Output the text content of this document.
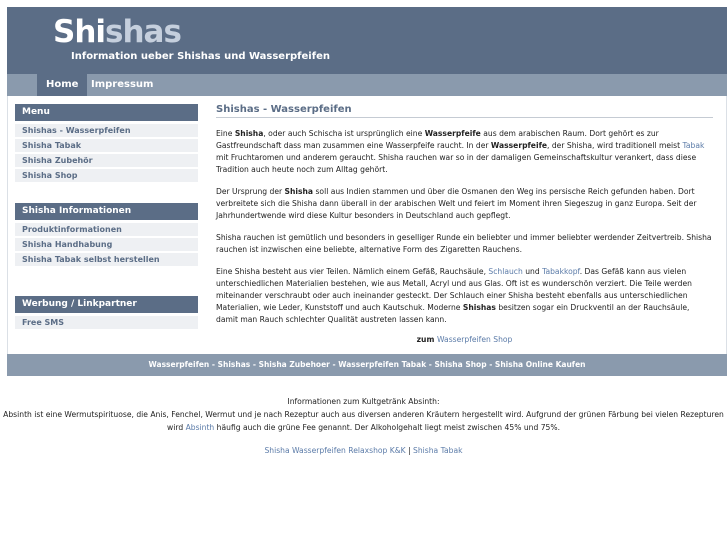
Shishas
Information ueber Shishas und Wasserpfeifen
Home	Impressum
Menu
Shishas - Wasserpfeifen
Shisha Tabak
Shisha Zubehör
Shisha Shop
Shisha Informationen
Produktinformationen
Shisha Handhabung
Shisha Tabak selbst herstellen
Werbung / Linkpartner
Free SMS
Shishas - Wasserpfeifen

Eine Shisha, oder auch Schischa ist ursprünglich eine Wasserpfeife aus dem arabischen Raum. Dort gehört es zur Gastfreundschaft dass man zusammen eine Wasserpfeife raucht. In der Wasserpfeife, der Shisha, wird traditionell meist Tabak mit Fruchtaromen und anderem geraucht. Shisha rauchen war so in der damaligen Gemeinschaftskultur verankert, dass diese Tradition auch heute noch zum Alltag gehört.

Der Ursprung der Shisha soll aus Indien stammen und über die Osmanen den Weg ins persische Reich gefunden haben. Dort verbreitete sich die Shisha dann überall in der arabischen Welt und feiert im Moment ihren Siegeszug in ganz Europa. Seit der Jahrhundertwende wird diese Kultur besonders in Deutschland auch gepflegt.

Shisha rauchen ist gemütlich und besonders in geselliger Runde ein beliebter und immer beliebter werdender Zeitvertreib. Shisha rauchen ist inzwischen eine beliebte, alternative Form des Zigaretten Rauchens.

Eine Shisha besteht aus vier Teilen. Nämlich einem Gefäß, Rauchsäule, Schlauch und Tabakkopf. Das Gefäß kann aus vielen unterschiedlichen Materialien bestehen, wie aus Metall, Acryl und aus Glas. Oft ist es wunderschön verziert. Die Teile werden miteinander verschraubt oder auch ineinander gesteckt. Der Schlauch einer Shisha besteht ebenfalls aus unterschiedlichen Materialien, wie Leder, Kunststoff und auch Kautschuk. Moderne Shishas besitzen sogar ein Druckventil an der Rauchsäule, damit man Rauch schlechter Qualität austreten lassen kann.

zum Wasserpfeifen Shop
Wasserpfeifen - Shishas - Shisha Zubehoer - Wasserpfeifen Tabak - Shisha Shop - Shisha Online Kaufen
Informationen zum Kultgetränk Absinth:
Absinth ist eine Wermutspirituose, die Anis, Fenchel, Wermut und je nach Rezeptur auch aus diversen anderen Kräutern hergestellt wird. Aufgrund der grünen Färbung bei vielen Rezepturen wird Absinth häufig auch die grüne Fee genannt. Der Alkoholgehalt liegt meist zwischen 45% und 75%.
Shisha Wasserpfeifen Relaxshop K&K | Shisha Tabak
